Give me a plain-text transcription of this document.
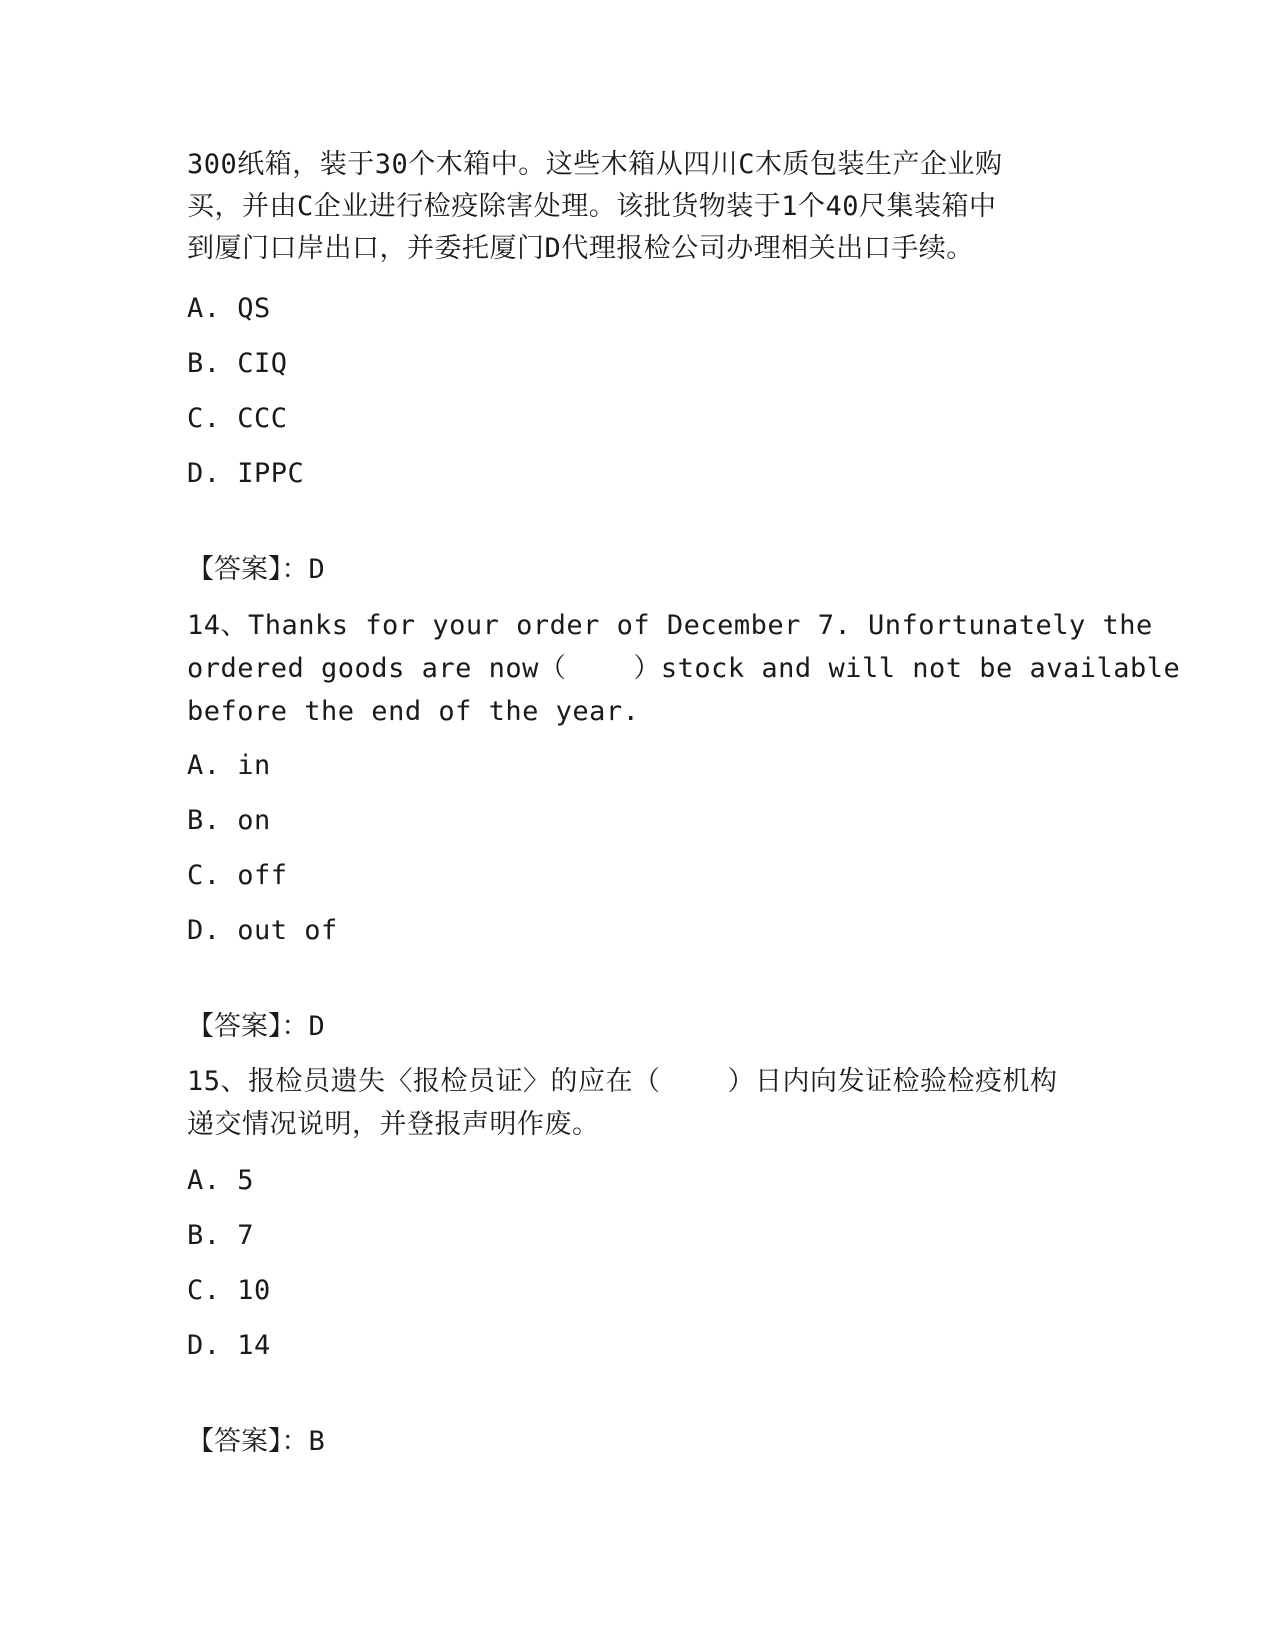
300纸箱，装于30个木箱中。这些木箱从四川C木质包装生产企业购
买，并由C企业进行检疫除害处理。该批货物装于1个40尺集装箱中
到厦门口岸出口，并委托厦门D代理报检公司办理相关出口手续。
A. QS
B. CIQ
C. CCC
D. IPPC
【答案】：D
14、Thanks for your order of December 7. Unfortunately the
ordered goods are now（    ）stock and will not be available
before the end of the year.
A. in
B. on
C. off
D. out of
【答案】：D
15、报检员遗失〈报检员证〉的应在（    ）日内向发证检验检疫机构
递交情况说明，并登报声明作废。
A. 5
B. 7
C. 10
D. 14
【答案】：B
